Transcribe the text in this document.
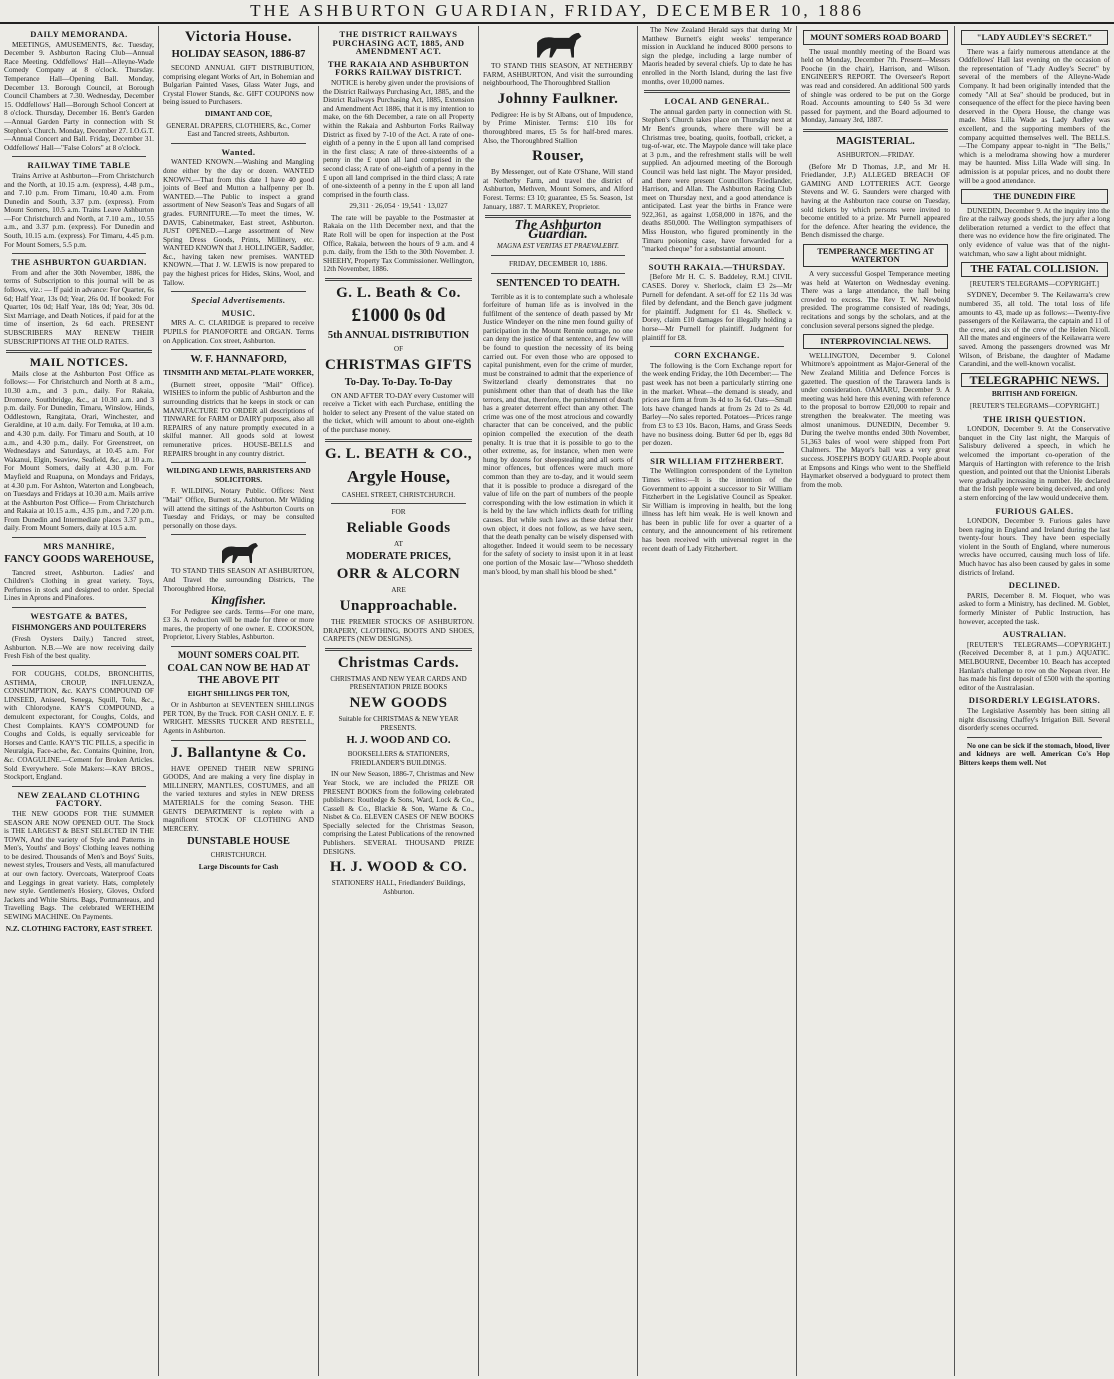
THE ASHBURTON GUARDIAN, FRIDAY, DECEMBER 10, 1886
DAILY MEMORANDA.

MEETINGS, AMUSEMENTS, &c. Tuesday, December 9. Ashburton Racing Club—Annual Race Meeting. Oddfellows' Hall—Alleyne-Wade Comedy Company at 8 o'clock. Thursday. Temperance Hall—Opening Ball. Monday, December 13. Borough Council, at Borough Council Chambers at 7.30. Wednesday, December 15. Oddfellows' Hall—Borough School Concert at 8 o'clock. Thursday, December 16. Bent's Garden—Annual Garden Party in connection with St Stephen's Church. Monday, December 27. I.O.G.T.—Annual Concert and Ball. Friday, December 31. Oddfellows' Hall—"False Colors" at 8 o'clock.

RAILWAY TIME TABLE

Trains Arrive at Ashburton—From Christchurch and the North, at 10.15 a.m. (express), 4.48 p.m., and 7.10 p.m. From Timaru, 10.40 a.m. From Dunedin and South, 3.37 p.m. (express). From Mount Somers, 10.5 a.m. Trains Leave Ashburton—For Christchurch and North, at 7.10 a.m., 10.55 a.m., and 3.37 p.m. (express). For Dunedin and South, 10.15 a.m. (express). For Timaru, 4.45 p.m. For Mount Somers, 5.5 p.m.

THE ASHBURTON GUARDIAN.

From and after the 30th November, 1886, the terms of Subscription to this journal will be as follows, viz.: — If paid in advance: For Quarter, 6s 6d; Half Year, 13s 0d; Year, 26s 0d. If booked: For Quarter, 10s 0d; Half Year, 18s 0d; Year, 30s 0d. Sixt Marriage, and Death Notices, if paid for at the time of insertion, 2s 6d each. PRESENT SUBSCRIBERS MAY RENEW THEIR SUBSCRIPTIONS AT THE OLD RATES.

MAIL NOTICES.

Mails close at the Ashburton Post Office as follows:— For Christchurch and North at 8 a.m., 10.30 a.m., and 3 p.m., daily. For Rakaia, Dromore, Southbridge, &c., at 10.30 a.m. and 3 p.m. daily. For Dunedin, Timaru, Winslow, Hinds, Oddlestown, Rangitata, Orari, Winchester, and Geraldine, at 10 a.m. daily. For Temuka, at 10 a.m. and 4.30 p.m. daily. For Timaru and South, at 10 a.m., and 4.30 p.m., daily. For Greenstreet, on Wednesdays and Saturdays, at 10.45 a.m. For Wakanui, Elgin, Seaview, Seafield, &c., at 10 a.m. For Mount Somers, daily at 4.30 p.m. For Mayfield and Ruapuna, on Mondays and Fridays, at 4.30 p.m. For Ashton, Waterton and Longbeach, on Tuesdays and Fridays at 10.30 a.m. Mails arrive at the Ashburton Post Office— From Christchurch and Rakaia at 10.15 a.m., 4.35 p.m., and 7.20 p.m. From Dunedin and Intermediate places 3.37 p.m., daily. From Mount Somers, daily at 10.5 a.m.

MRS MANHIRE,
FANCY GOODS WAREHOUSE,

Tancred street, Ashburton. Ladies' and Children's Clothing in great variety. Toys, Perfumes in stock and designed to order. Special Lines in Aprons and Pinafores.

WESTGATE & BATES,
FISHMONGERS AND POULTERERS

(Fresh Oysters Daily.) Tancred street, Ashburton. N.B.—We are now receiving daily Fresh Fish of the best quality.

FOR COUGHS, COLDS, BRONCHITIS, ASTHMA, CROUP, INFLUENZA, CONSUMPTION, &c. KAY'S COMPOUND OF LINSEED, Aniseed, Senega, Squill, Tolu, &c., with Chlorodyne. KAY'S COMPOUND, a demulcent expectorant, for Coughs, Colds, and Chest Complaints. KAY'S COMPOUND for Coughs and Colds, is equally serviceable for Horses and Cattle. KAY'S TIC PILLS, a specific in Neuralgia, Face-ache, &c. Contains Quinine, Iron, &c. COAGULINE.—Cement for Broken Articles. Sold Everywhere. Sole Makers:—KAY BROS., Stockport, England.

NEW ZEALAND CLOTHING FACTORY.

THE NEW GOODS FOR THE SUMMER SEASON ARE NOW OPENED OUT. The Stock is THE LARGEST & BEST SELECTED IN THE TOWN, And the variety of Style and Patterns in Men's, Youths' and Boys' Clothing leaves nothing to be desired. Thousands of Men's and Boys' Suits, newest styles, Trousers and Vests, all manufactured at our own factory. Overcoats, Waterproof Coats and Leggings in great variety. Hats, completely new style. Gentlemen's Hosiery, Gloves, Oxford Jackets and White Shirts. Bags, Portmanteaus, and Travelling Bags. The celebrated WERTHEIM SEWING MACHINE. On Payments.

N.Z. CLOTHING FACTORY, EAST STREET.
Victoria House.
HOLIDAY SEASON, 1886-87

SECOND ANNUAL GIFT DISTRIBUTION, comprising elegant Works of Art, in Bohemian and Bulgarian Painted Vases, Glass Water Jugs, and Crystal Flower Stands, &c. GIFT COUPONS now being issued to Purchasers.

DIMANT AND COE,
GENERAL DRAPERS, CLOTHIERS, &c., Corner East and Tancred streets, Ashburton.
Wanted.

WANTED KNOWN.—Washing and Mangling done either by the day or dozen. WANTED KNOWN.—That from this date I have 40 good joints of Beef and Mutton a halfpenny per lb. WANTED.—The Public to inspect a grand assortment of New Season's Teas and Sugars of all grades. FURNITURE.—To meet the times, W. DAVIS, Cabinetmaker, East street, Ashburton. JUST OPENED.—Large assortment of New Spring Dress Goods, Prints, Millinery, etc. WANTED KNOWN that J. HOLLINGER, Saddler, &c., having taken new premises. WANTED KNOWN.—That J. W. LEWIS is now prepared to pay the highest prices for Hides, Skins, Wool, and Tallow.

Special Advertisements.
MUSIC.

MRS A. C. CLARIDGE is prepared to receive PUPILS for PIANOFORTE and ORGAN. Terms on Application. Cox street, Ashburton.

W. F. HANNAFORD,
TINSMITH AND METAL-PLATE WORKER,

(Burnett street, opposite "Mail" Office). WISHES to inform the public of Ashburton and the surrounding districts that he keeps in stock or can MANUFACTURE TO ORDER all descriptions of TINWARE for FARM or DAIRY purposes, also all REPAIRS of any nature promptly executed in a skilful manner. All goods sold at lowest remunerative prices. HOUSE-BELLS and REPAIRS brought in any country district.

WILDING AND LEWIS, BARRISTERS AND SOLICITORS.

F. WILDING, Notary Public. Offices: Next "Mail" Office, Burnett st., Ashburton. Mr Wilding will attend the sittings of the Ashburton Courts on Tuesday and Fridays, or may be consulted personally on those days.

TO STAND THIS SEASON AT ASHBURTON, And Travel the surrounding Districts, The Thoroughbred Horse,

Kingfisher.

For Pedigree see cards. Terms—For one mare, £3 3s. A reduction will be made for three or more mares, the property of one owner. E. COOKSON, Proprietor, Livery Stables, Ashburton.

MOUNT SOMERS COAL PIT.
COAL CAN NOW BE HAD AT THE ABOVE PIT
EIGHT SHILLINGS PER TON,

Or in Ashburton at SEVENTEEN SHILLINGS PER TON, By the Truck. FOR CASH ONLY. E. F. WRIGHT. MESSRS TUCKER AND RESTELL, Agents in Ashburton.

J. Ballantyne & Co.

HAVE OPENED THEIR NEW SPRING GOODS, And are making a very fine display in MILLINERY, MANTLES, COSTUMES, and all the varied textures and styles in NEW DRESS MATERIALS for the coming Season. THE GENTS DEPARTMENT is replete with a magnificent STOCK OF CLOTHING AND MERCERY.

DUNSTABLE HOUSE
CHRISTCHURCH.
Large Discounts for Cash
THE DISTRICT RAILWAYS PURCHASING ACT, 1885, AND AMENDMENT ACT.
THE RAKAIA AND ASHBURTON FORKS RAILWAY DISTRICT.

NOTICE is hereby given under the provisions of the District Railways Purchasing Act, 1885, and the District Railways Purchasing Act, 1885, Extension and Amendment Act 1886, that it is my intention to make, on the 6th December, a rate on all Property within the Rakaia and Ashburton Forks Railway District as fixed by 7-10 of the Act. A rate of one-eighth of a penny in the £ upon all land comprised in the first class; A rate of three-sixteenths of a penny in the £ upon all land comprised in the second class; A rate of one-eighth of a penny in the £ upon all land comprised in the third class; A rate of one-sixteenth of a penny in the £ upon all land comprised in the fourth class.

29,311 · 26,054 · 19,541 · 13,027

The rate will be payable to the Postmaster at Rakaia on the 11th December next, and that the Rate Roll will be open for inspection at the Post Office, Rakaia, between the hours of 9 a.m. and 4 p.m. daily, from the 15th to the 30th November. J. SHEEHY, Property Tax Commissioner. Wellington, 12th November, 1886.

G. L. Beath & Co.
£1000 0s 0d
5th ANNUAL DISTRIBUTION
OF
CHRISTMAS GIFTS
To-Day. To-Day. To-Day

ON AND AFTER TO-DAY every Customer will receive a Ticket with each Purchase, entitling the holder to select any Present of the value stated on the ticket, which will amount to about one-eighth of the purchase money.

G. L. BEATH & CO.,
Argyle House,
CASHEL STREET, CHRISTCHURCH.
FOR
Reliable Goods
AT
MODERATE PRICES,
ORR & ALCORN
ARE
Unapproachable.

THE PREMIER STOCKS OF ASHBURTON. DRAPERY, CLOTHING, BOOTS AND SHOES, CARPETS (NEW DESIGNS).

Christmas Cards.
CHRISTMAS AND NEW YEAR CARDS AND PRESENTATION PRIZE BOOKS
NEW GOODS
Suitable for CHRISTMAS & NEW YEAR PRESENTS.
H. J. WOOD AND CO.
BOOKSELLERS & STATIONERS, FRIEDLANDER'S BUILDINGS.

IN our New Season, 1886-7, Christmas and New Year Stock, we are included the PRIZE OR PRESENT BOOKS from the following celebrated publishers: Routledge & Sons, Ward, Lock & Co., Cassell & Co., Blackie & Son, Warne & Co., Nisbet & Co. ELEVEN CASES OF NEW BOOKS Specially selected for the Christmas Season, comprising the Latest Publications of the renowned Publishers. SEVERAL THOUSAND PRIZE DESIGNS.

H. J. WOOD & CO.
STATIONERS' HALL, Friedlanders' Buildings, Ashburton.

TO STAND THIS SEASON, AT NETHERBY FARM, ASHBURTON, And visit the surrounding neighbourhood, The Thoroughbred Stallion

Johnny Faulkner.

Pedigree: He is by St Albans, out of Impudence, by Prime Minister. Terms: £10 10s for thoroughbred mares, £5 5s for half-bred mares. Also, the Thoroughbred Stallion

Rouser,

By Messenger, out of Kate O'Shane, Will stand at Netherby Farm, and travel the district of Ashburton, Methven, Mount Somers, and Alford Forest. Terms: £3 10; guarantee, £5 5s. Season, 1st January, 1887. T. MARKEY, Proprietor.

The Ashburton Guardian.
MAGNA EST VERITAS ET PRAEVALEBIT.
FRIDAY, DECEMBER 10, 1886.
SENTENCED TO DEATH.

Terrible as it is to contemplate such a wholesale forfeiture of human life as is involved in the fulfilment of the sentence of death passed by Mr Justice Windeyer on the nine men found guilty of participation in the Mount Rennie outrage, no one can deny the justice of that sentence, and few will be found to question the necessity of its being carried out. For even those who are opposed to capital punishment, even for the crime of murder, must be constrained to admit that the experience of Switzerland clearly demonstrates that no punishment other than that of death has the like terrors, and that, therefore, the punishment of death has a greater deterrent effect than any other. The crime was one of the most atrocious and cowardly character that can be conceived, and the public opinion compelled the execution of the death penalty. It is true that it is possible to go to the other extreme, as, for instance, when men were hung by dozens for sheepstealing and all sorts of minor offences, but offences were much more common than they are to-day, and it would seem that it is possible to produce a disregard of the value of life on the part of numbers of the people corresponding with the low estimation in which it is held by the law which inflicts death for trifling causes. But while such laws as these defeat their own object, it does not follow, as we have seen, that the death penalty can be wisely dispensed with altogether. Indeed it would seem to be necessary for the safety of society to insist upon it in at least one portion of the Mosaic law—"Whoso sheddeth man's blood, by man shall his blood be shed."

The New Zealand Herald says that during Mr Matthew Burnett's eight weeks' temperance mission in Auckland he induced 8000 persons to sign the pledge, including a large number of Maoris headed by several chiefs. Up to date he has enrolled in the North Island, during the last five months, over 10,000 names.

LOCAL AND GENERAL.

The annual garden party in connection with St. Stephen's Church takes place on Thursday next at Mr Bent's grounds, where there will be a Christmas tree, boating, quoits, football, cricket, a tug-of-war, etc. The Maypole dance will take place at 3 p.m., and the refreshment stalls will be well supplied. An adjourned meeting of the Borough Council was held last night. The Mayor presided, and there were present Councillors Friedlander, Harrison, and Allan. The Ashburton Racing Club meet on Thursday next, and a good attendance is anticipated. Last year the births in France were 922,361, as against 1,058,000 in 1876, and the deaths 850,000. The Wellington sympathisers of Miss Houston, who figured prominently in the Timaru poisoning case, have forwarded for a "marked cheque" for a substantial amount.

SOUTH RAKAIA.—THURSDAY.

[Before Mr H. C. S. Baddeley, R.M.] CIVIL CASES. Dorey v. Sherlock, claim £3 2s—Mr Purnell for defendant. A set-off for £2 11s 3d was filed by defendant, and the Bench gave judgment for plaintiff. Judgment for £1 4s. Shelleck v. Dorey, claim £10 damages for illegally holding a horse—Mr Purnell for plaintiff. Judgment for plaintiff for £8.

CORN EXCHANGE.

The following is the Corn Exchange report for the week ending Friday, the 10th December:— The past week has not been a particularly stirring one in the market. Wheat—the demand is steady, and prices are firm at from 3s 4d to 3s 6d. Oats—Small lots have changed hands at from 2s 2d to 2s 4d. Barley—No sales reported. Potatoes—Prices range from £3 to £3 10s. Bacon, Hams, and Grass Seeds have no business doing. Butter 6d per lb, eggs 8d per dozen.

SIR WILLIAM FITZHERBERT.

The Wellington correspondent of the Lyttelton Times writes:—It is the intention of the Government to appoint a successor to Sir William Fitzherbert in the Legislative Council as Speaker. Sir William is improving in health, but the long illness has left him weak. He is well known and has been in public life for over a quarter of a century, and the announcement of his retirement has been received with universal regret in the recent death of Lady Fitzherbert.

MOUNT SOMERS ROAD BOARD

The usual monthly meeting of the Board was held on Monday, December 7th. Present—Messrs Pooche (in the chair), Harrison, and Wilson. ENGINEER'S REPORT. The Overseer's Report was read and considered. An additional 500 yards of shingle was ordered to be put on the Gorge Road. Accounts amounting to £40 5s 3d were passed for payment, and the Board adjourned to Monday, January 3rd, 1887.

MAGISTERIAL.
ASHBURTON.—FRIDAY.

(Before Mr D Thomas, J.P., and Mr H. Friedlander, J.P.) ALLEGED BREACH OF GAMING AND LOTTERIES ACT. George Stevens and W. G. Saunders were charged with having at the Ashburton race course on Tuesday, sold tickets by which persons were invited to become entitled to a prize. Mr Purnell appeared for the defence. After hearing the evidence, the Bench dismissed the charge.

TEMPERANCE MEETING AT WATERTON

A very successful Gospel Temperance meeting was held at Waterton on Wednesday evening. There was a large attendance, the hall being crowded to excess. The Rev T. W. Newbold presided. The programme consisted of readings, recitations and songs by the scholars, and at the conclusion several persons signed the pledge.

INTERPROVINCIAL NEWS.

WELLINGTON, December 9. Colonel Whitmore's appointment as Major-General of the New Zealand Militia and Defence Forces is gazetted. The question of the Tarawera lands is under consideration. OAMARU, December 9. A meeting was held here this evening with reference to the proposal to borrow £20,000 to repair and strengthen the breakwater. The meeting was almost unanimous. DUNEDIN, December 9. During the twelve months ended 30th November, 51,363 bales of wool were shipped from Port Chalmers. The Mayor's ball was a very great success. JOSEPH'S BODY GUARD. People about at Empsons and Kings who went to the Sheffield Haymarket observed a bodyguard to protect them from the mob.

"LADY AUDLEY'S SECRET."

There was a fairly numerous attendance at the Oddfellows' Hall last evening on the occasion of the representation of "Lady Audley's Secret" by several of the members of the Alleyne-Wade Company. It had been originally intended that the comedy "All at Sea" should be produced, but in consequence of the effect for the piece having been deserved in the Opera House, the change was made. Miss Lilla Wade as Lady Audley was excellent, and the supporting members of the company acquitted themselves well. The BELLS.—The Company appear to-night in "The Bells," which is a melodrama showing how a murderer may be haunted. Miss Lilla Wade will sing. In admission is at popular prices, and no doubt there will be a good attendance.

THE DUNEDIN FIRE

DUNEDIN, December 9. At the inquiry into the fire at the railway goods sheds, the jury after a long deliberation returned a verdict to the effect that there was no evidence how the fire originated. The only evidence of value was that of the night-watchman, who saw a light about midnight.

THE FATAL COLLISION.
[REUTER'S TELEGRAMS—COPYRIGHT.]

SYDNEY, December 9. The Keilawarra's crew numbered 35, all told. The total loss of life amounts to 43, made up as follows:—Twenty-five passengers of the Keilawarra, the captain and 11 of the crew, and six of the crew of the Helen Nicoll. All the mates and engineers of the Keilawarra were saved. Among the passengers drowned was Mr Wilson, of Brisbane, the daughter of Madame Carandini, and the well-known vocalist.

TELEGRAPHIC NEWS.
BRITISH AND FOREIGN.
[REUTER'S TELEGRAMS—COPYRIGHT.]
THE IRISH QUESTION.

LONDON, December 9. At the Conservative banquet in the City last night, the Marquis of Salisbury delivered a speech, in which he welcomed the important co-operation of the Marquis of Hartington with reference to the Irish question, and pointed out that the Unionist Liberals were gradually increasing in number. He declared that the Irish people were being deceived, and only a stern enforcing of the law would undeceive them.

FURIOUS GALES.

LONDON, December 9. Furious gales have been raging in England and Ireland during the last twenty-four hours. They have been especially violent in the South of England, where numerous wrecks have occurred, causing much loss of life. Much havoc has also been caused by gales in some districts of Ireland.

DECLINED.

PARIS, December 8. M. Floquet, who was asked to form a Ministry, has declined. M. Goblet, formerly Minister of Public Instruction, has however, accepted the task.

AUSTRALIAN.

[REUTER'S TELEGRAMS—COPYRIGHT.] (Received December 8, at 1 p.m.) AQUATIC. MELBOURNE, December 10. Beach has accepted Hanlan's challenge to row on the Nepean river. He has made his first deposit of £500 with the sporting editor of the Australasian.

DISORDERLY LEGISLATORS.

The Legislative Assembly has been sitting all night discussing Chaffey's Irrigation Bill. Several disorderly scenes occurred.

No one can be sick if the stomach, blood, liver and kidneys are well. American Co's Hop Bitters keeps them well. Not
